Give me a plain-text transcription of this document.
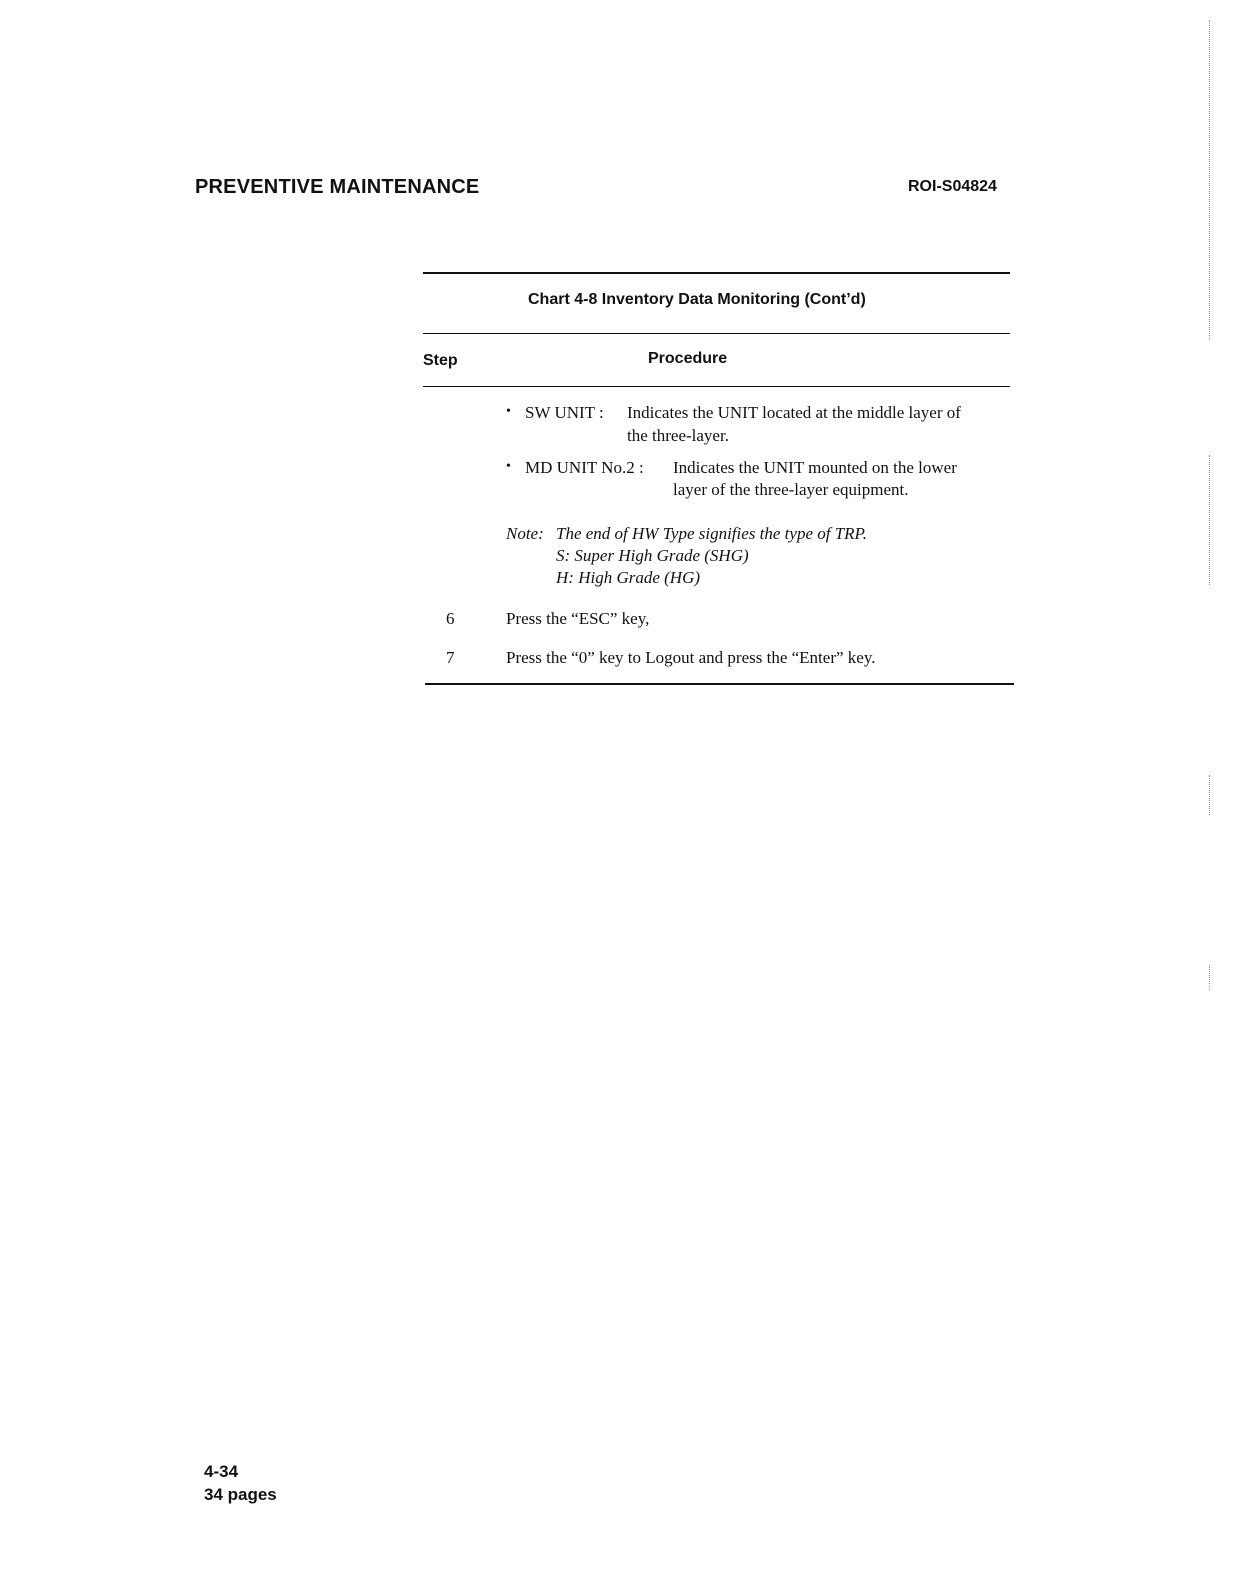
PREVENTIVE MAINTENANCE	ROI-S04824
Chart 4-8 Inventory Data Monitoring (Cont’d)
Step	Procedure
• SW UNIT : Indicates the UNIT located at the middle layer of
the three-layer.
• MD UNIT No.2 : Indicates the UNIT mounted on the lower
layer of the three-layer equipment.
Note: The end of HW Type signifies the type of TRP.
S: Super High Grade (SHG)
H: High Grade (HG)
6	Press the “ESC” key,
7	Press the “0” key to Logout and press the “Enter” key.
4-34
34 pages
